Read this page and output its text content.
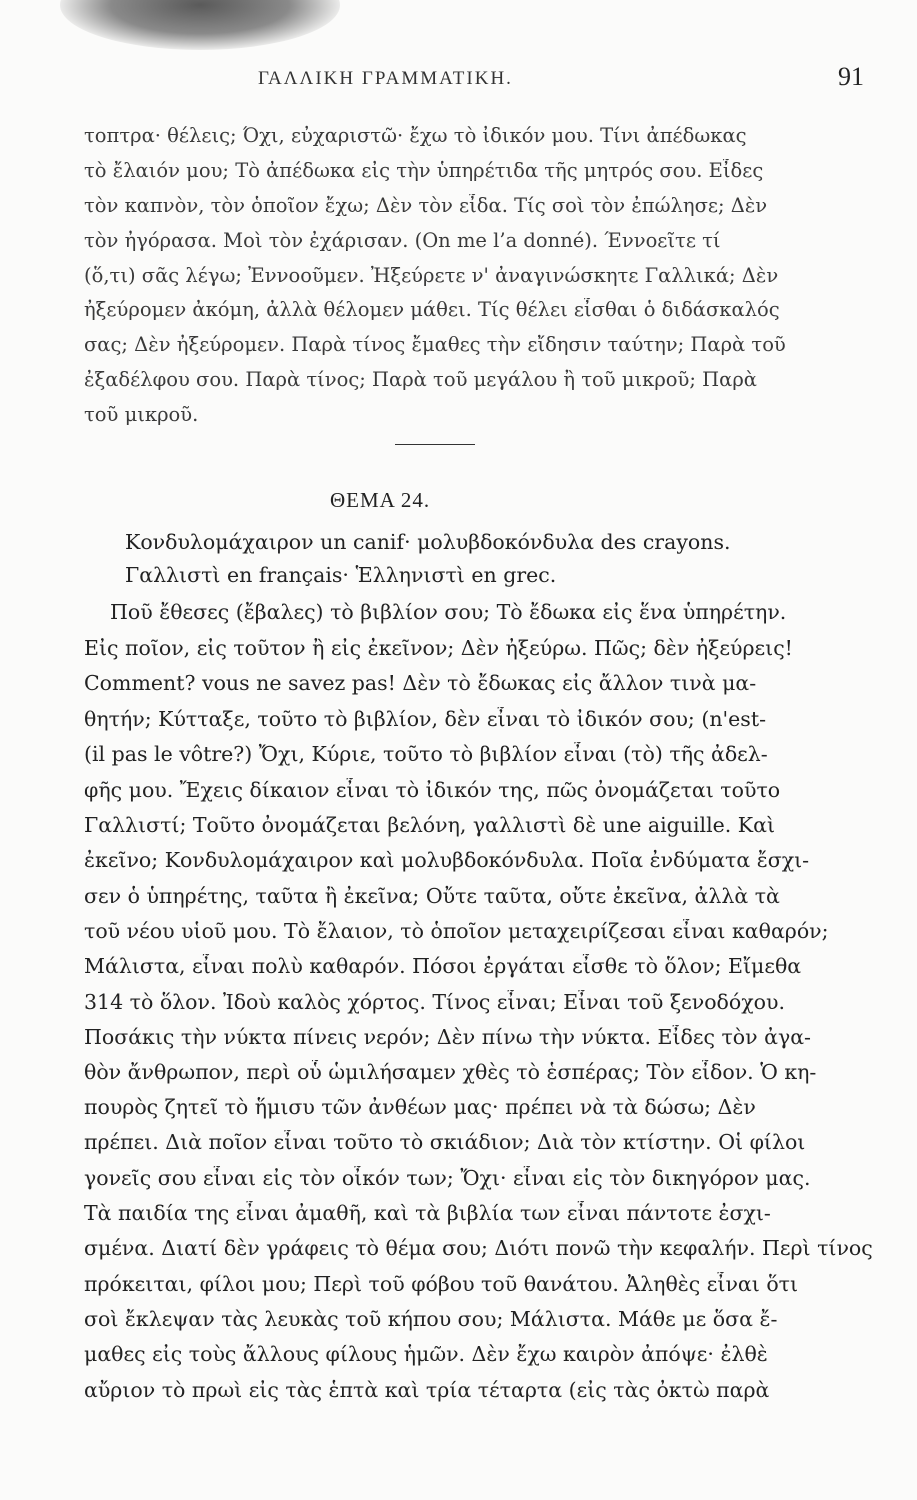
ΓΑΛΛΙΚΗ ΓΡΑΜΜΑΤΙΚΗ.	91
τοπτρα· θέλεις; Όχι, εὐχαριστῶ· ἔχω τὸ ἰδικόν μου. Τίνι ἀπέδωκας
τὸ ἔλαιόν μου; Τὸ ἀπέδωκα εἰς τὴν ὑπηρέτιδα τῆς μητρός σου. Εἶδες
τὸν καπνὸν, τὸν ὁποῖον ἔχω; Δὲν τὸν εἶδα. Τίς σοὶ τὸν ἐπώλησε; Δὲν
τὸν ἠγόρασα. Μοὶ τὸν ἐχάρισαν. (On me l’a donné). Έννοεῖτε τί
(ὅ,τι) σᾶς λέγω; Ἐννοοῦμεν. Ἠξεύρετε ν' ἀναγινώσκητε Γαλλικά; Δὲν
ἠξεύρομεν ἀκόμη, ἀλλὰ θέλομεν μάθει. Τίς θέλει εἶσθαι ὁ διδάσκαλός
σας; Δὲν ἠξεύρομεν. Παρὰ τίνος ἔμαθες τὴν εἴδησιν ταύτην; Παρὰ τοῦ
ἐξαδέλφου σου. Παρὰ τίνος; Παρὰ τοῦ μεγάλου ἢ τοῦ μικροῦ; Παρὰ
τοῦ μικροῦ.
ΘΕΜΑ 24.
Κονδυλομάχαιρον un canif· μολυβδοκόνδυλα des crayons.
Γαλλιστὶ en français· Ἑλληνιστὶ en grec.
Ποῦ ἔθεσες (ἔβαλες) τὸ βιβλίον σου; Τὸ ἔδωκα εἰς ἕνα ὑπηρέτην.
Εἰς ποῖον, εἰς τοῦτον ἢ εἰς ἐκεῖνον; Δὲν ἠξεύρω. Πῶς; δὲν ἠξεύρεις!
Comment? vous ne savez pas! Δὲν τὸ ἔδωκας εἰς ἄλλον τινὰ μα-
θητήν; Κύτταξε, τοῦτο τὸ βιβλίον, δὲν εἶναι τὸ ἰδικόν σου; (n'est-
(il pas le vôtre?) Ὄχι, Κύριε, τοῦτο τὸ βιβλίον εἶναι (τὸ) τῆς ἀδελ-
φῆς μου. Ἔχεις δίκαιον εἶναι τὸ ἰδικόν της, πῶς ὀνομάζεται τοῦτο
Γαλλιστί; Τοῦτο ὀνομάζεται βελόνη, γαλλιστὶ δὲ une aiguille. Καὶ
ἐκεῖνο; Κονδυλομάχαιρον καὶ μολυβδοκόνδυλα. Ποῖα ἐνδύματα ἔσχι-
σεν ὁ ὑπηρέτης, ταῦτα ἢ ἐκεῖνα; Οὔτε ταῦτα, οὔτε ἐκεῖνα, ἀλλὰ τὰ
τοῦ νέου υἱοῦ μου. Τὸ ἔλαιον, τὸ ὁποῖον μεταχειρίζεσαι εἶναι καθαρόν;
Μάλιστα, εἶναι πολὺ καθαρόν. Πόσοι ἐργάται εἶσθε τὸ ὅλον; Εἴμεθα
314 τὸ ὅλον. Ἰδοὺ καλὸς χόρτος. Τίνος εἶναι; Εἶναι τοῦ ξενοδόχου.
Ποσάκις τὴν νύκτα πίνεις νερόν; Δὲν πίνω τὴν νύκτα. Εἶδες τὸν ἀγα-
θὸν ἄνθρωπον, περὶ οὗ ὡμιλήσαμεν χθὲς τὸ ἑσπέρας; Τὸν εἶδον. Ὁ κη-
πουρὸς ζητεῖ τὸ ἥμισυ τῶν ἀνθέων μας· πρέπει νὰ τὰ δώσω; Δὲν
πρέπει. Διὰ ποῖον εἶναι τοῦτο τὸ σκιάδιον; Διὰ τὸν κτίστην. Οἱ φίλοι
γονεῖς σου εἶναι εἰς τὸν οἶκόν των; Ὄχι· εἶναι εἰς τὸν δικηγόρον μας.
Τὰ παιδία της εἶναι ἀμαθῆ, καὶ τὰ βιβλία των εἶναι πάντοτε ἐσχι-
σμένα. Διατί δὲν γράφεις τὸ θέμα σου; Διότι πονῶ τὴν κεφαλήν. Περὶ τίνος
πρόκειται, φίλοι μου; Περὶ τοῦ φόβου τοῦ θανάτου. Ἀληθὲς εἶναι ὅτι
σοὶ ἔκλεψαν τὰς λευκὰς τοῦ κήπου σου; Μάλιστα. Μάθε με ὅσα ἔ-
μαθες εἰς τοὺς ἄλλους φίλους ἡμῶν. Δὲν ἔχω καιρὸν ἀπόψε· ἐλθὲ
αὔριον τὸ πρωὶ εἰς τὰς ἑπτὰ καὶ τρία τέταρτα (εἰς τὰς ὀκτὼ παρὰ
